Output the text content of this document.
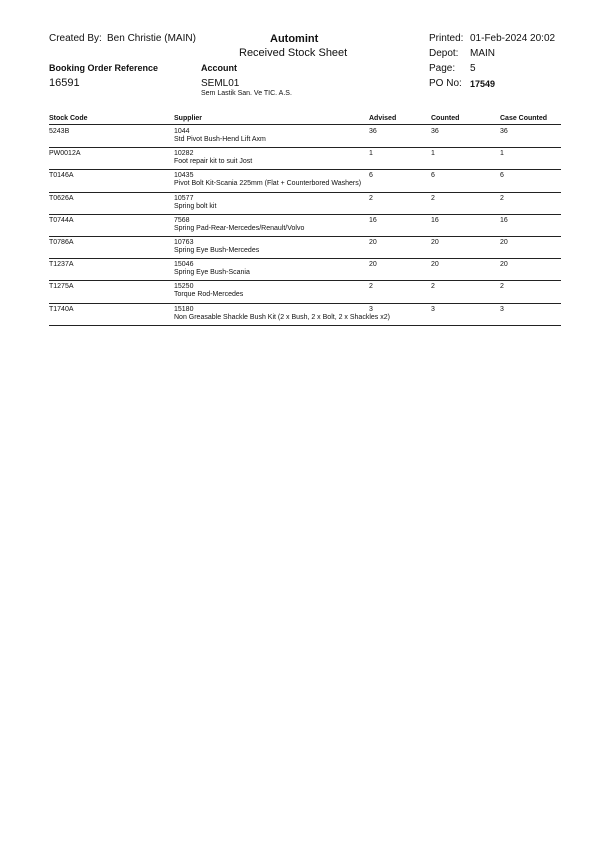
Created By: Ben Christie (MAIN)	Automint
Received Stock Sheet
Printed: 01-Feb-2024 20:02
Depot: MAIN
Page: 5
Booking Order Reference
16591
Account
SEML01
Sem Lastik San. Ve TIC. A.S.
PO No: 17549
Stock Code	Supplier	Advised	Counted	Case Counted
5243B	1044	36	36	36
Std Pivot Bush-Hend Lift Axm
PW0012A	10282	1	1	1
Foot repair kit to suit Jost
T0146A	10435	6	6	6
Pivot Bolt Kit-Scania 225mm (Flat + Counterbored Washers)
T0626A	10577	2	2	2
Spring bolt kit
T0744A	7568	16	16	16
Spring Pad-Rear-Mercedes/Renault/Volvo
T0786A	10763	20	20	20
Spring Eye Bush-Mercedes
T1237A	15046	20	20	20
Spring Eye Bush-Scania
T1275A	15250	2	2	2
Torque Rod-Mercedes
T1740A	15180	3	3	3
Non Greasable Shackle Bush Kit (2 x Bush, 2 x Bolt, 2 x Shackles x2)
